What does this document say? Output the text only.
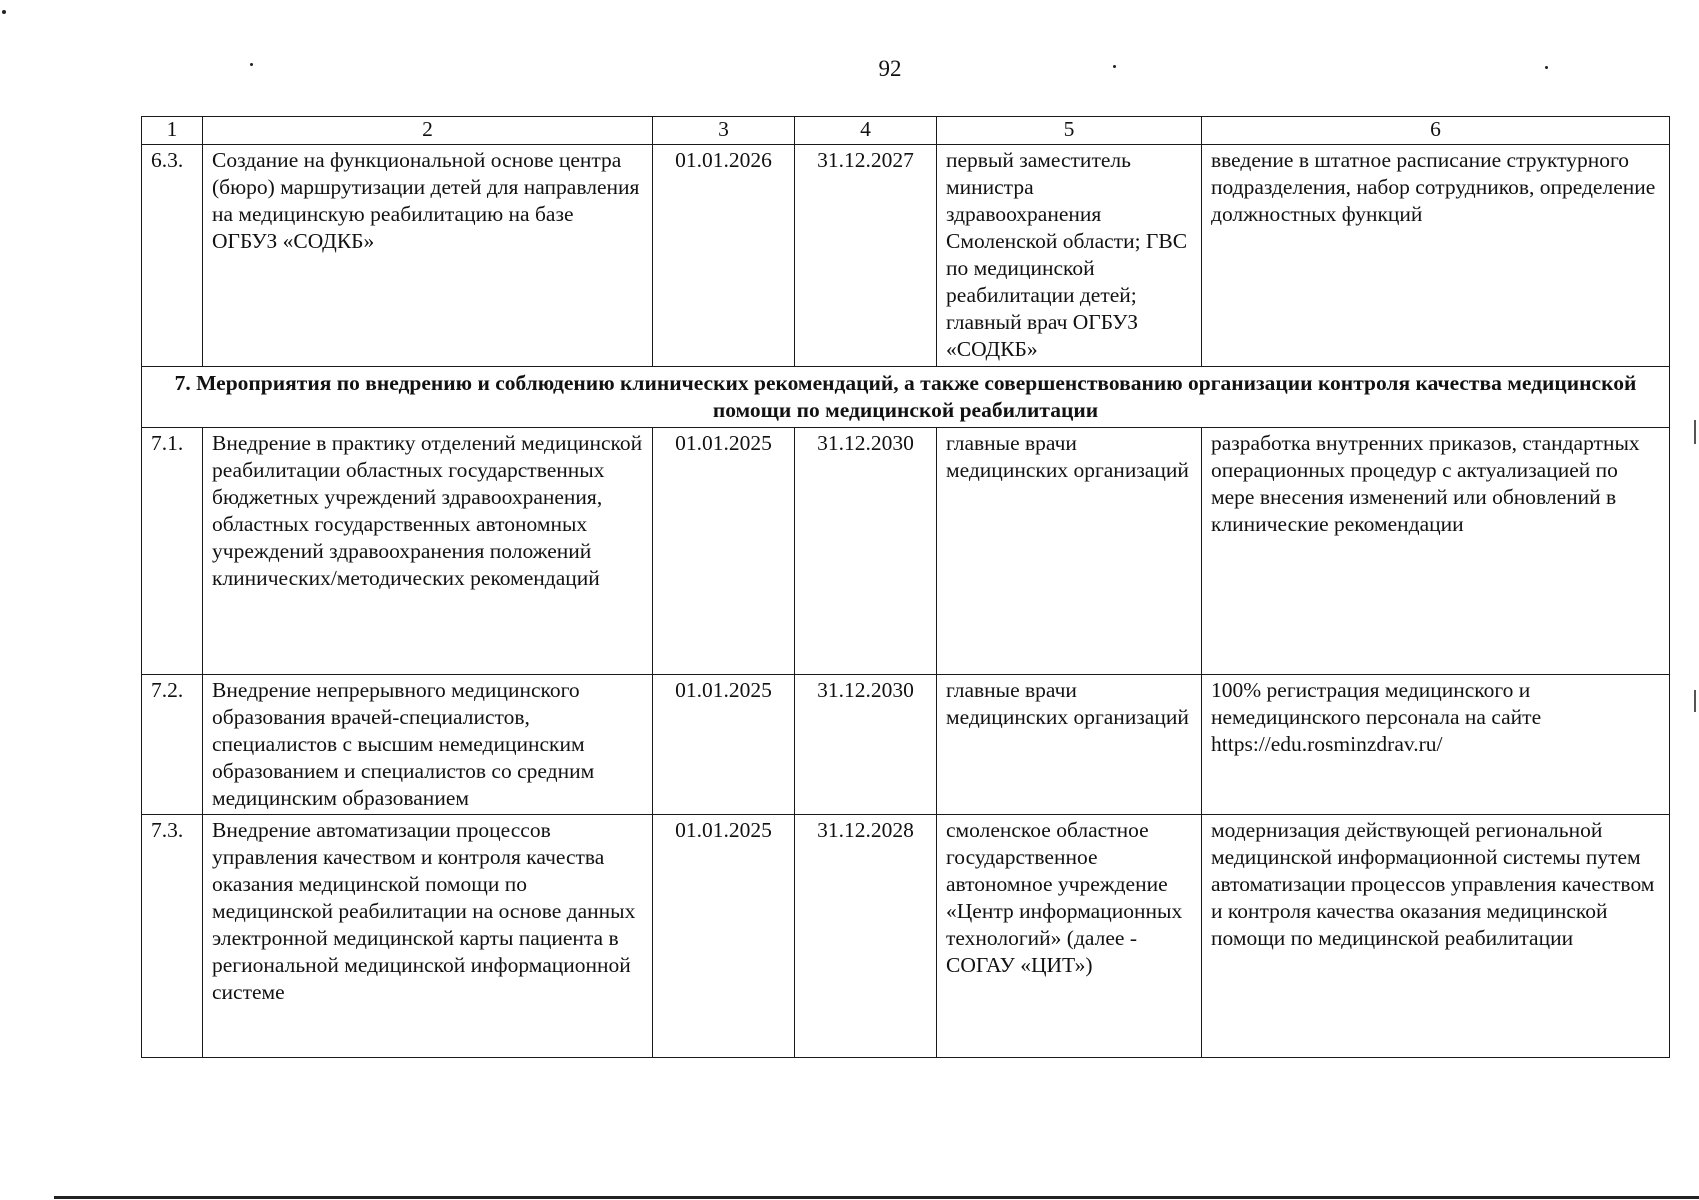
92
1	2	3	4	5	6
6.3.	Создание на функциональной основе центра (бюро) маршрутизации детей для направления на медицинскую реабилитацию на базе ОГБУЗ «СОДКБ»	01.01.2026	31.12.2027	первый заместитель министра здравоохранения Смоленской области; ГВС по медицинской реабилитации детей; главный врач ОГБУЗ «СОДКБ»	введение в штатное расписание структурного подразделения, набор сотрудников, определение должностных функций
7. Мероприятия по внедрению и соблюдению клинических рекомендаций, а также совершенствованию организации контроля качества медицинской помощи по медицинской реабилитации					
7.1.	Внедрение в практику отделений медицинской реабилитации областных государственных бюджетных учреждений здравоохранения, областных государственных автономных учреждений здравоохранения положений клинических/методических рекомендаций	01.01.2025	31.12.2030	главные врачи медицинских организаций	разработка внутренних приказов, стандартных операционных процедур с актуализацией по мере внесения изменений или обновлений в клинические рекомендации
7.2.	Внедрение непрерывного медицинского образования врачей-специалистов, специалистов с высшим немедицинским образованием и специалистов со средним медицинским образованием	01.01.2025	31.12.2030	главные врачи медицинских организаций	100% регистрация медицинского и немедицинского персонала на сайте https://edu.rosminzdrav.ru/
7.3.	Внедрение автоматизации процессов управления качеством и контроля качества оказания медицинской помощи по медицинской реабилитации на основе данных электронной медицинской карты пациента в региональной медицинской информационной системе	01.01.2025	31.12.2028	смоленское областное государственное автономное учреждение «Центр информационных технологий» (далее - СОГАУ «ЦИТ»)	модернизация действующей региональной медицинской информационной системы путем автоматизации процессов управления качеством и контроля качества оказания медицинской помощи по медицинской реабилитации
